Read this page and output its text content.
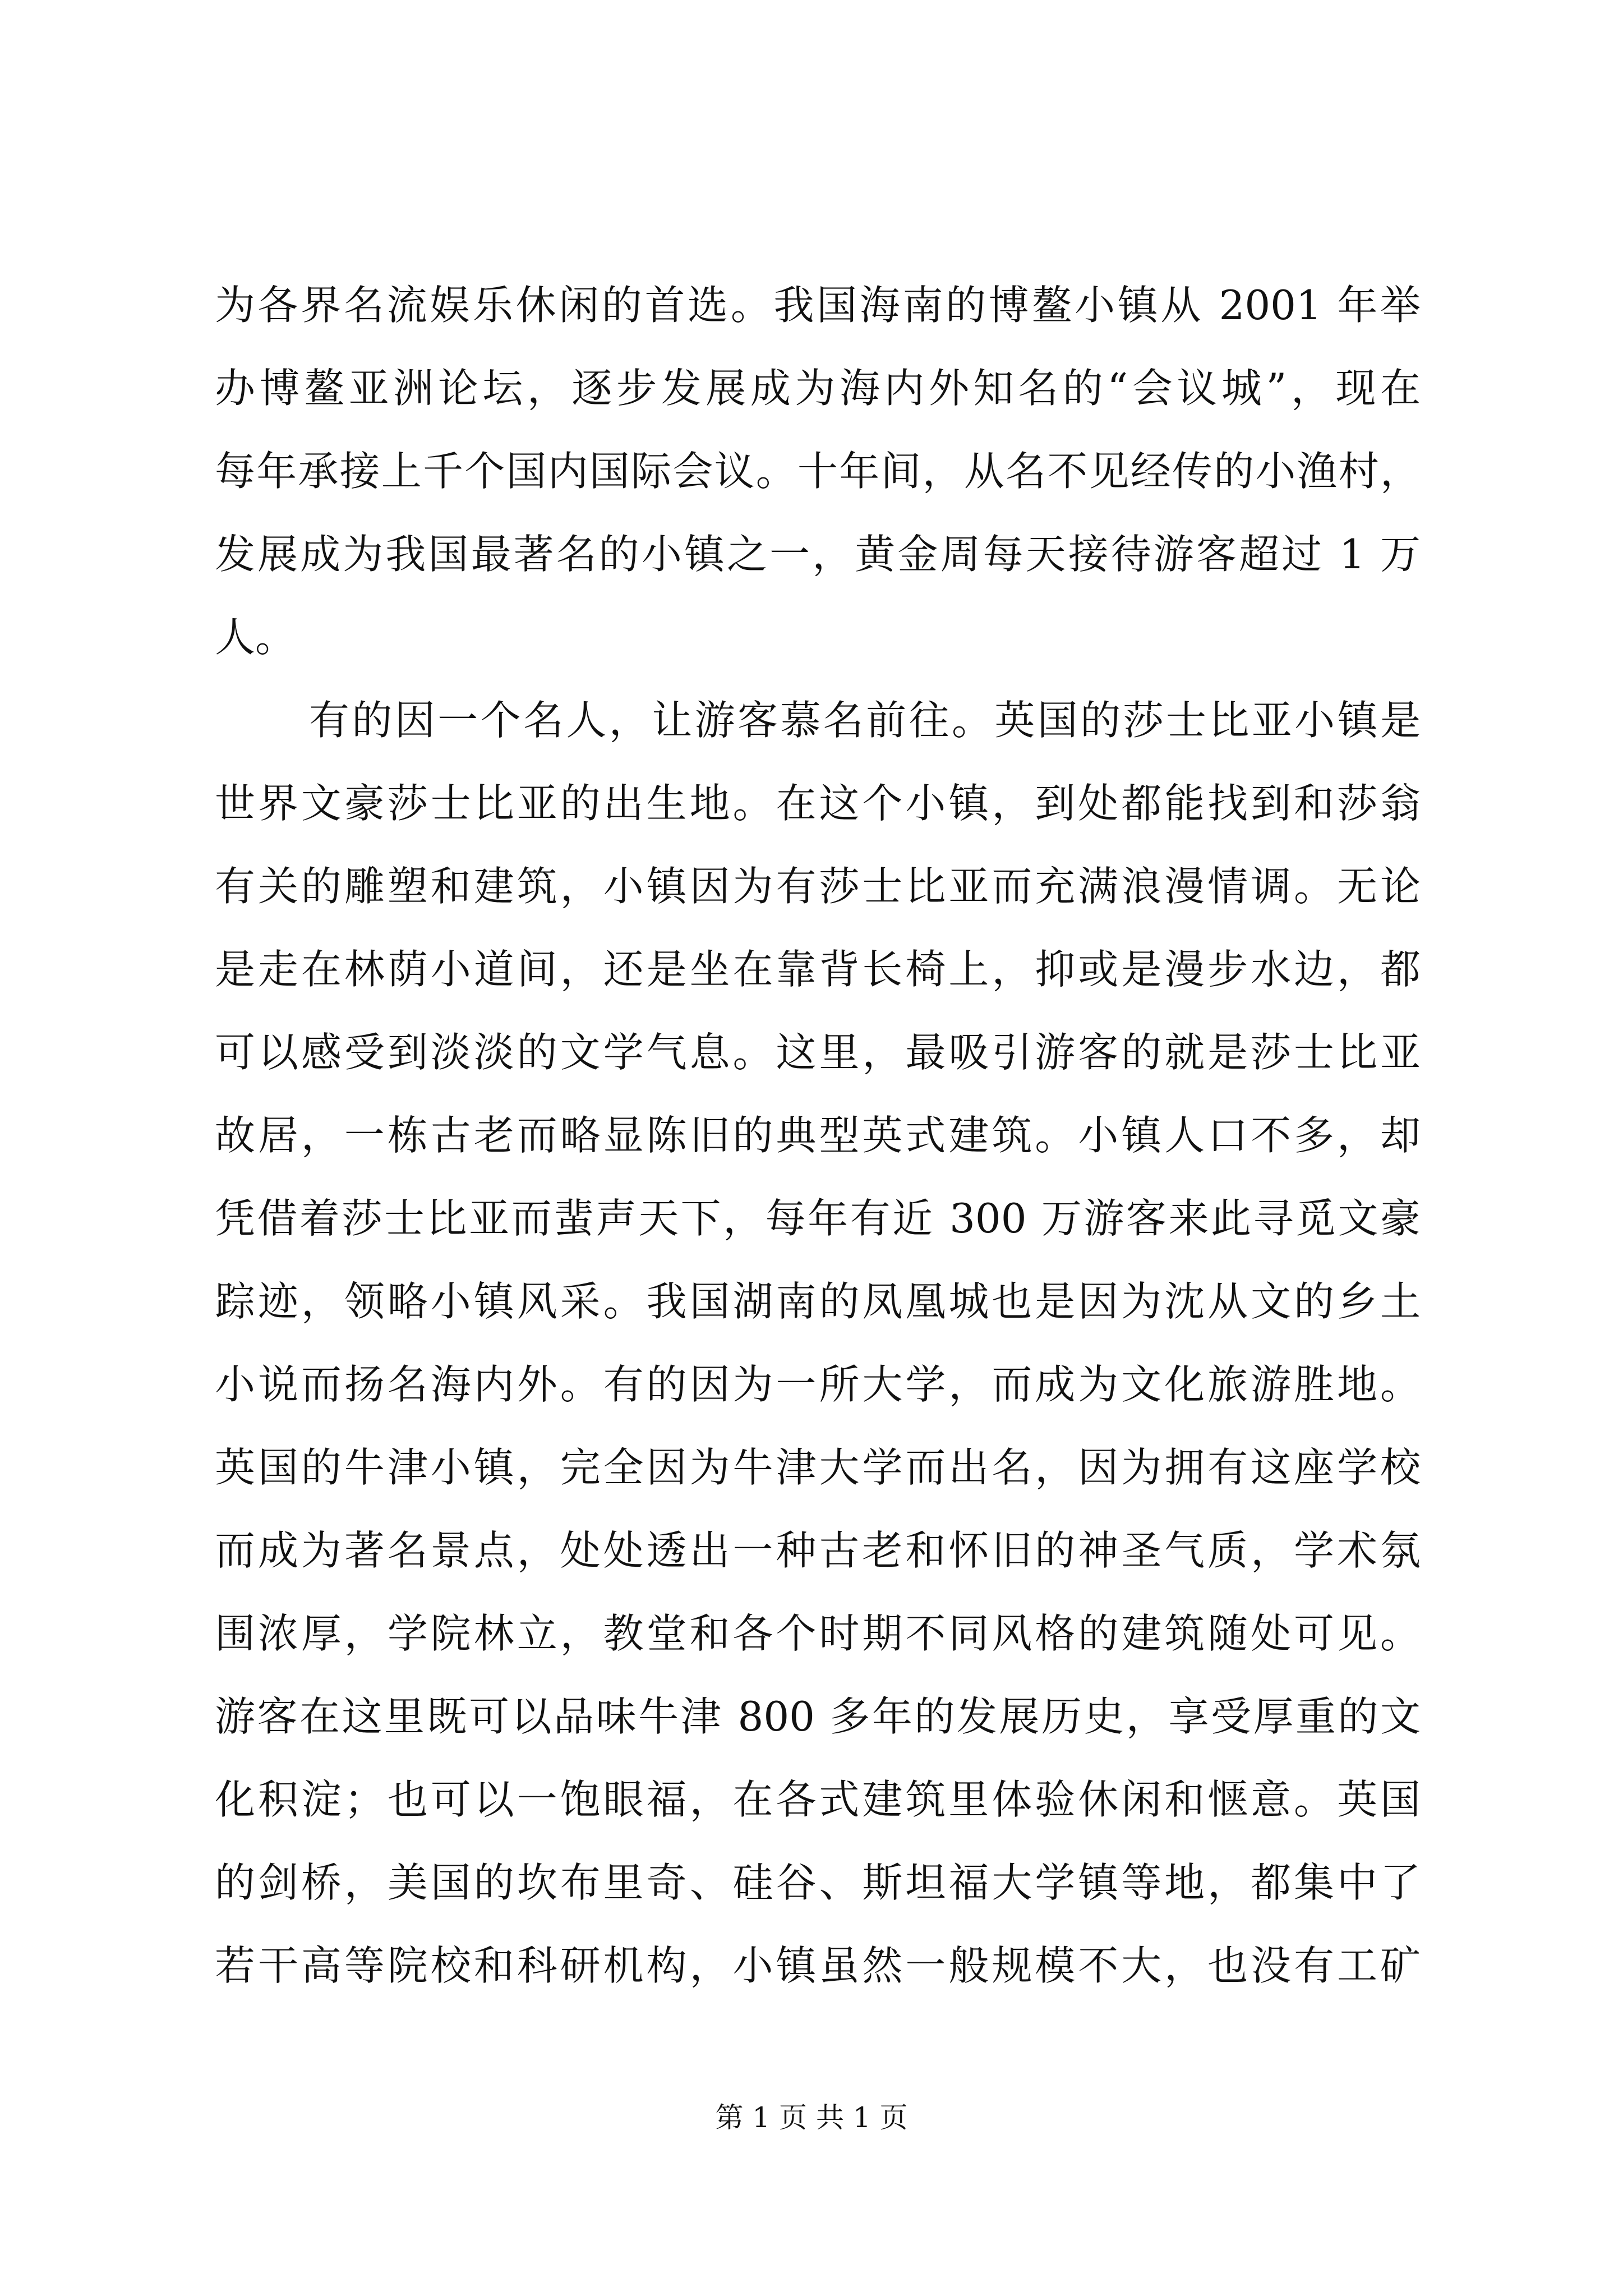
为各界名流娱乐休闲的首选。我国海南的博鳌小镇从 2001 年举
办博鳌亚洲论坛，逐步发展成为海内外知名的“会议城”，现在
每年承接上千个国内国际会议。十年间，从名不见经传的小渔村，
发展成为我国最著名的小镇之一，黄金周每天接待游客超过 1 万
人。
有的因一个名人，让游客慕名前往。英国的莎士比亚小镇是
世界文豪莎士比亚的出生地。在这个小镇，到处都能找到和莎翁
有关的雕塑和建筑，小镇因为有莎士比亚而充满浪漫情调。无论
是走在林荫小道间，还是坐在靠背长椅上，抑或是漫步水边，都
可以感受到淡淡的文学气息。这里，最吸引游客的就是莎士比亚
故居，一栋古老而略显陈旧的典型英式建筑。小镇人口不多，却
凭借着莎士比亚而蜚声天下，每年有近 300 万游客来此寻觅文豪
踪迹，领略小镇风采。我国湖南的凤凰城也是因为沈从文的乡土
小说而扬名海内外。有的因为一所大学，而成为文化旅游胜地。
英国的牛津小镇，完全因为牛津大学而出名，因为拥有这座学校
而成为著名景点，处处透出一种古老和怀旧的神圣气质，学术氛
围浓厚，学院林立，教堂和各个时期不同风格的建筑随处可见。
游客在这里既可以品味牛津 800 多年的发展历史，享受厚重的文
化积淀；也可以一饱眼福，在各式建筑里体验休闲和惬意。英国
的剑桥，美国的坎布里奇、硅谷、斯坦福大学镇等地，都集中了
若干高等院校和科研机构，小镇虽然一般规模不大，也没有工矿
第 1 页 共 1 页
